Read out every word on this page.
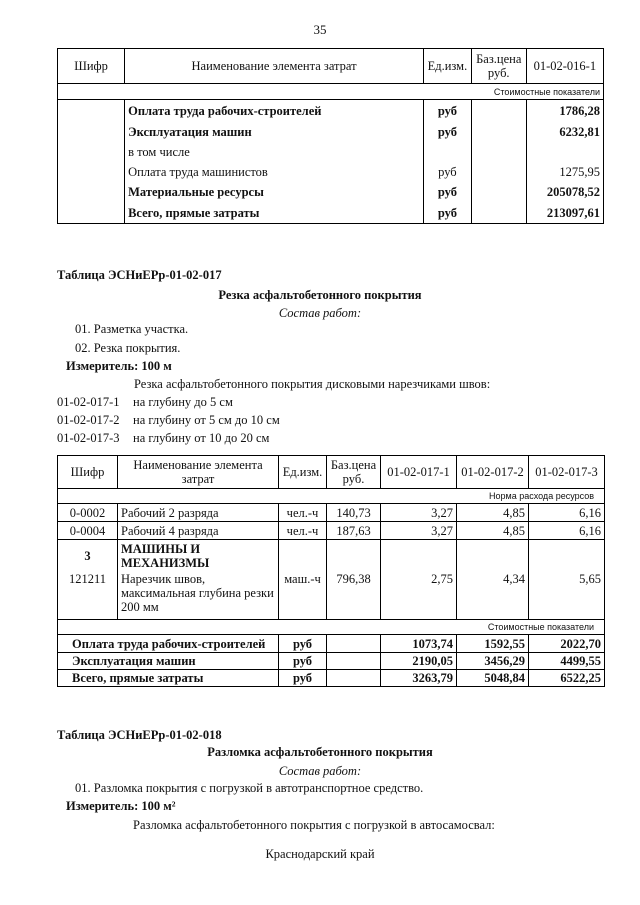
35
Шифр	Наименование элемента затрат	Ед.изм.	Баз.цена руб.	01-02-016-1
Стоимостные показатели				
	Оплата труда рабочих-строителей	руб		1786,28
	Эксплуатация машин	руб		6232,81
	в том числе			
	Оплата труда машинистов	руб		1275,95
	Материальные ресурсы	руб		205078,52
	Всего, прямые затраты	руб		213097,61
Таблица ЭСНиЕРр-01-02-017
Резка асфальтобетонного покрытия
Состав работ:
01. Разметка участка.
02. Резка покрытия.
Измеритель: 100 м
Резка асфальтобетонного покрытия дисковыми нарезчиками швов:
01-02-017-1 на глубину до 5 см
01-02-017-2 на глубину от 5 см до 10 см
01-02-017-3 на глубину от 10 до 20 см
Шифр	Наименование элемента затрат	Ед.изм.	Баз.цена руб.	01-02-017-1	01-02-017-2	01-02-017-3
Норма расхода ресурсов						
0-0002	Рабочий 2 разряда	чел.-ч	140,73	3,27	4,85	6,16
0-0004	Рабочий 4 разряда	чел.-ч	187,63	3,27	4,85	6,16
3	МАШИНЫ И МЕХАНИЗМЫ					
121211	Нарезчик швов, максимальная глубина резки 200 мм	маш.-ч	796,38	2,75	4,34	5,65
Стоимостные показатели						
Оплата труда рабочих-строителей		руб		1073,74	1592,55	2022,70
Эксплуатация машин		руб		2190,05	3456,29	4499,55
Всего, прямые затраты		руб		3263,79	5048,84	6522,25
Таблица ЭСНиЕРр-01-02-018
Разломка асфальтобетонного покрытия
Состав работ:
01. Разломка покрытия с погрузкой в автотранспортное средство.
Измеритель: 100 м²
Разломка асфальтобетонного покрытия с погрузкой в автосамосвал:
Краснодарский край
